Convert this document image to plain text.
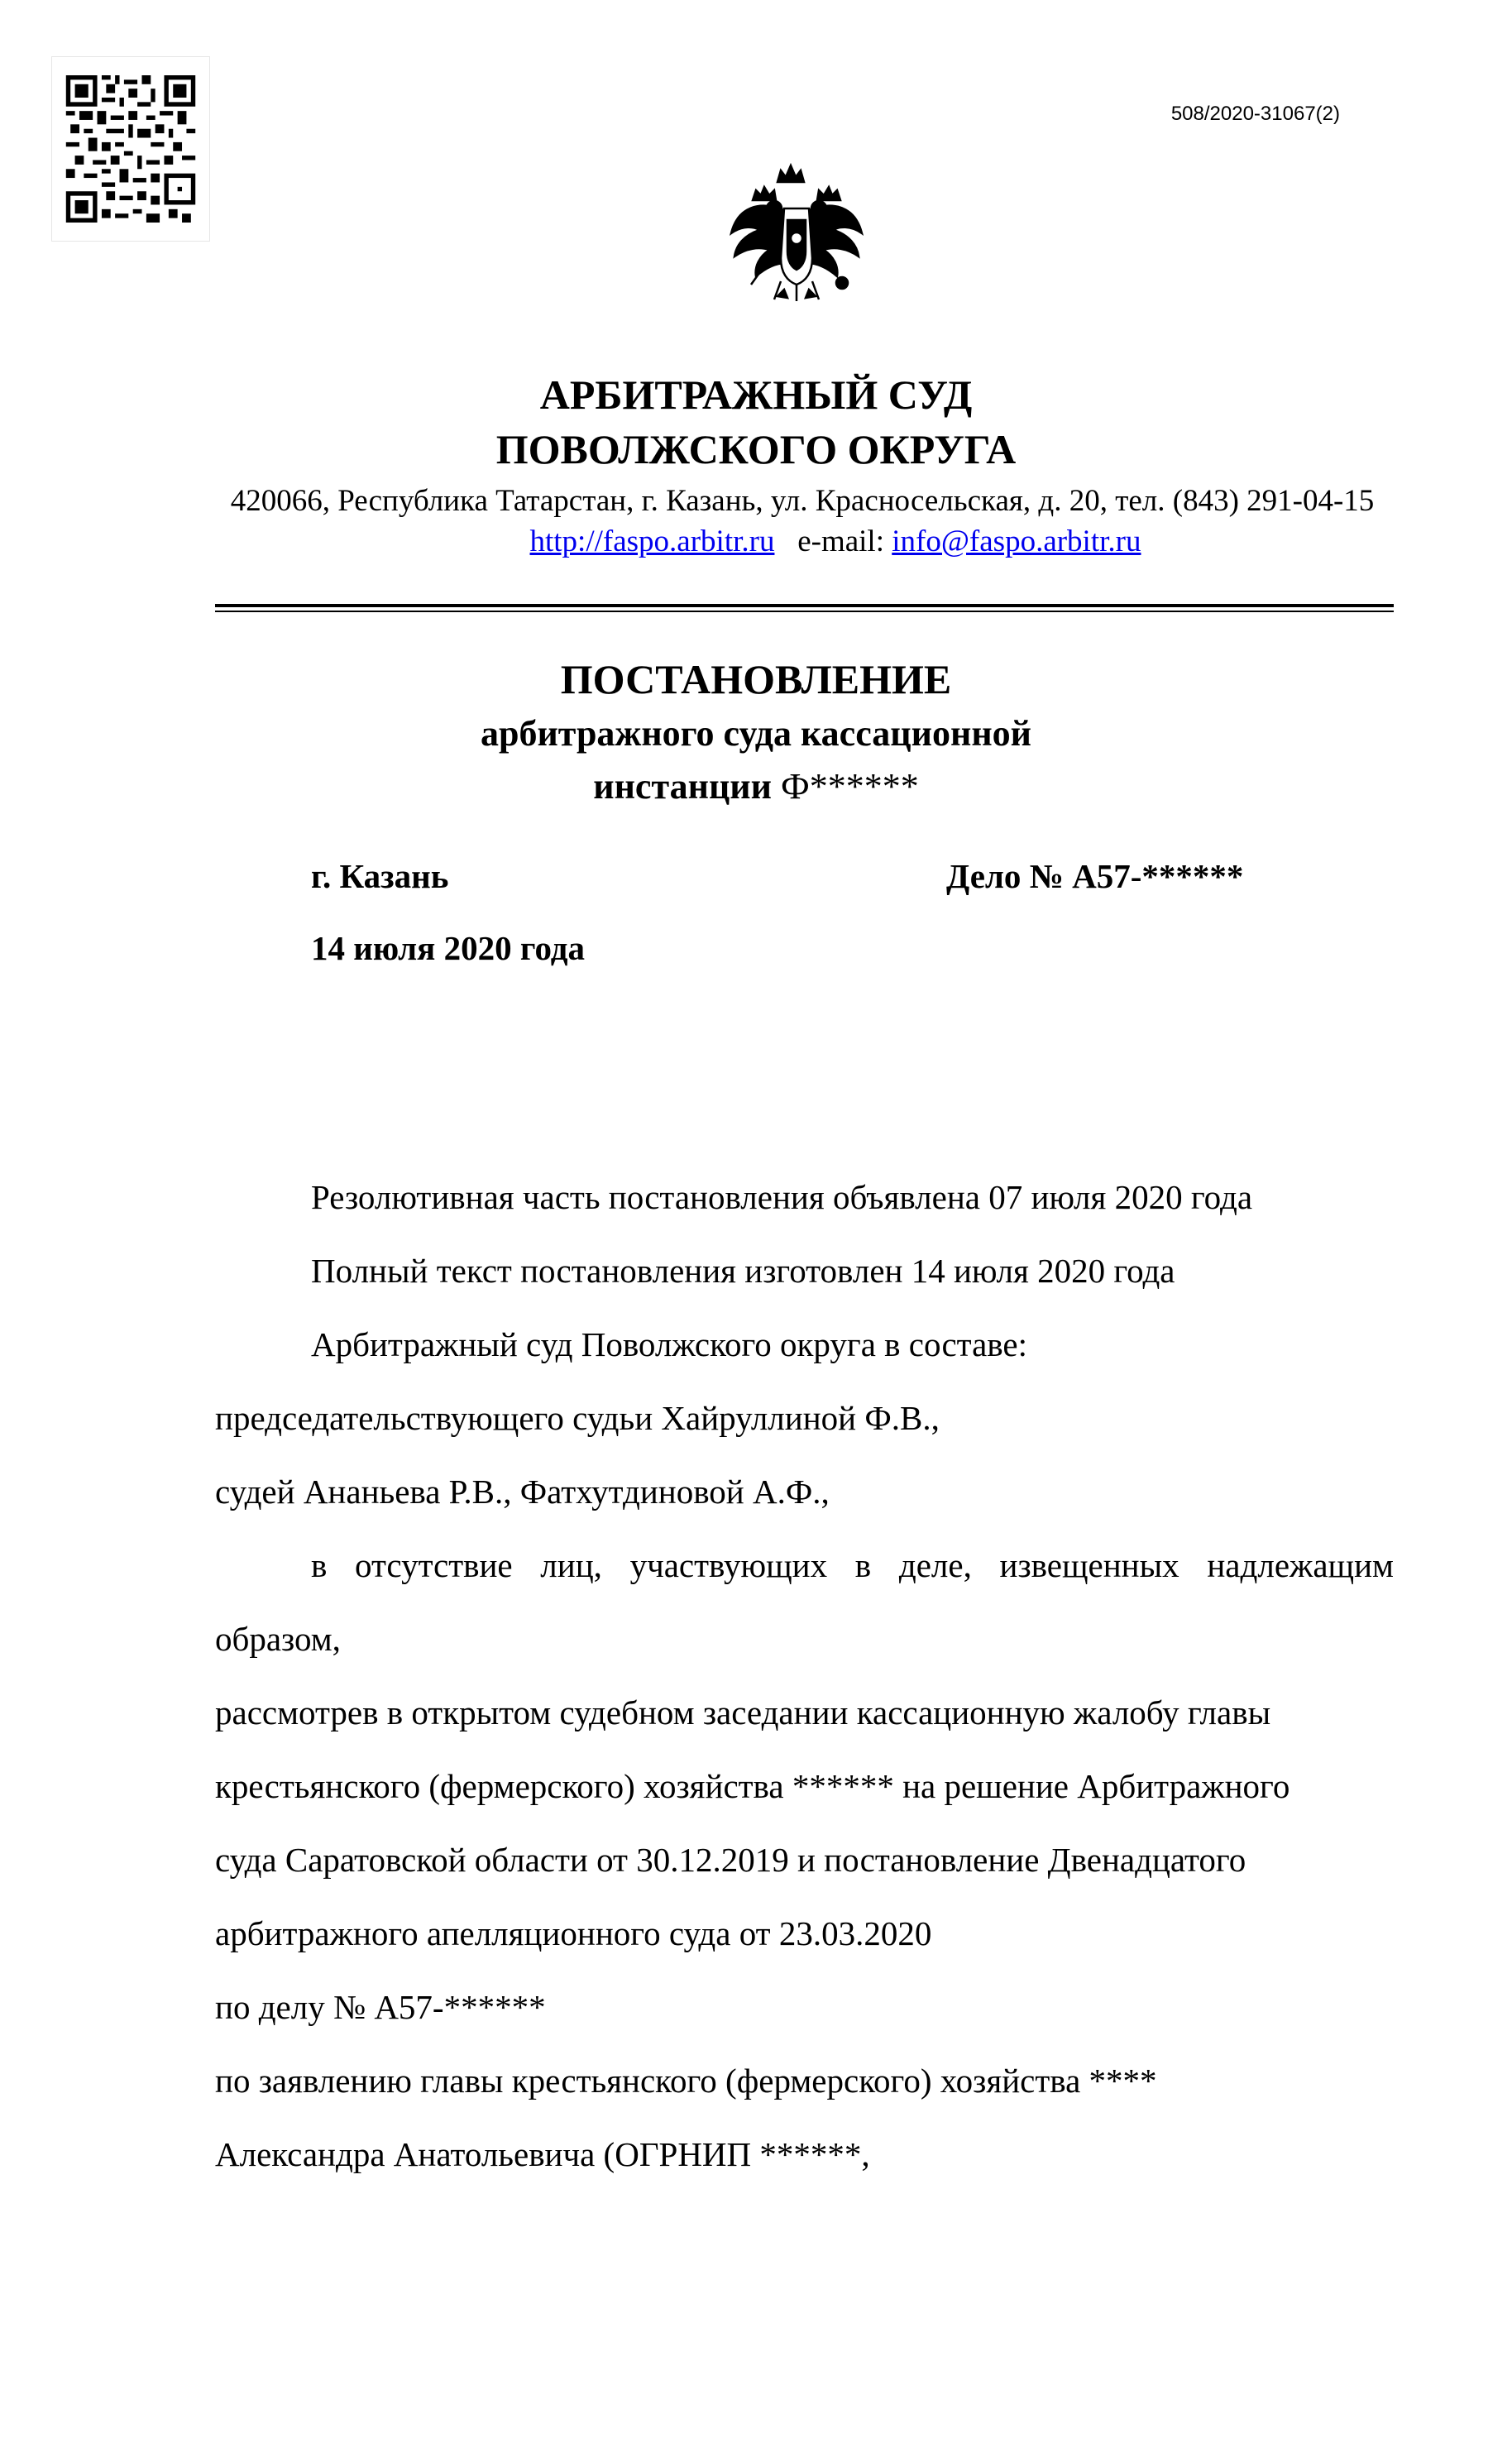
508/2020-31067(2)
АРБИТРАЖНЫЙ СУД
ПОВОЛЖСКОГО ОКРУГА
420066, Республика Татарстан, г. Казань, ул. Красносельская, д. 20, тел. (843) 291-04-15
http://faspo.arbitr.ru e-mail: info@faspo.arbitr.ru
ПОСТАНОВЛЕНИЕ
арбитражного суда кассационной
инстанции Ф******
г. Казань	Дело № А57-******
14 июля 2020 года
Резолютивная часть постановления объявлена 07 июля 2020 года
Полный текст постановления изготовлен 14 июля 2020 года
Арбитражный суд Поволжского округа в составе:
председательствующего судьи Хайруллиной Ф.В.,
судей Ананьева Р.В., Фатхутдиновой А.Ф.,
в отсутствие лиц, участвующих в деле, извещенных надлежащим
образом,
рассмотрев в открытом судебном заседании кассационную жалобу главы
крестьянского (фермерского) хозяйства ****** на решение Арбитражного
суда Саратовской области от 30.12.2019 и постановление Двенадцатого
арбитражного апелляционного суда от 23.03.2020
по делу № А57-******
по заявлению главы крестьянского (фермерского) хозяйства ****
Александра Анатольевича (ОГРНИП ******,
